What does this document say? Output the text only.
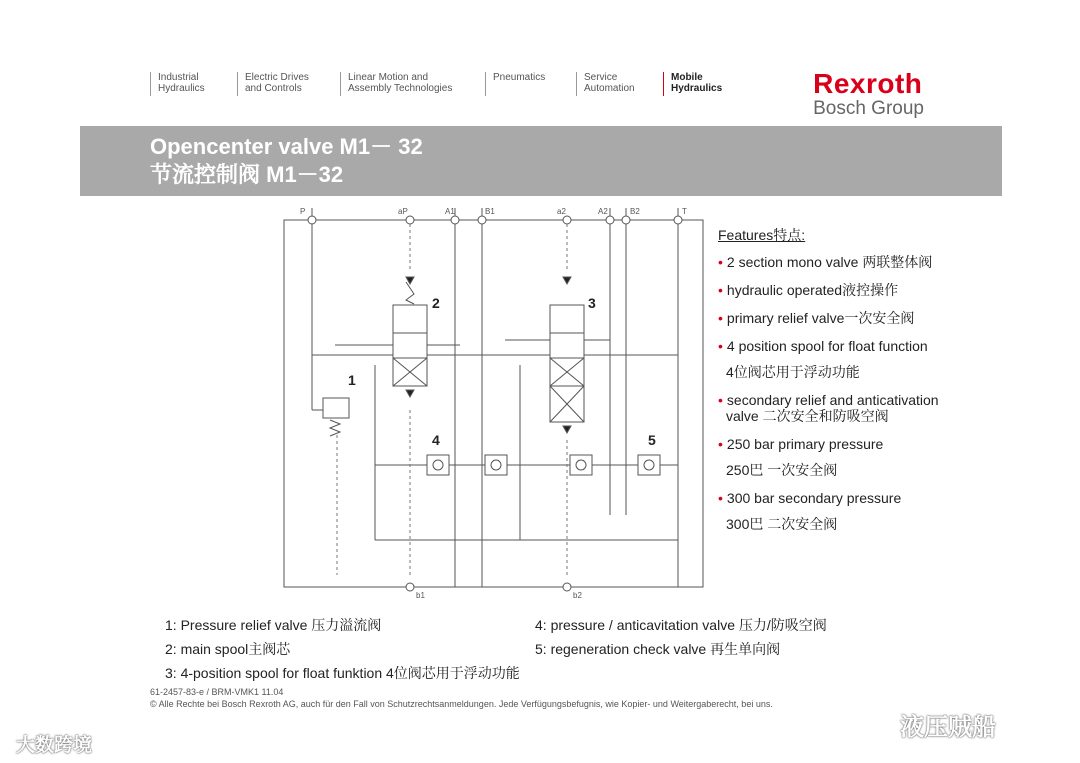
Industrial
Hydraulics
Electric Drives
and Controls
Linear Motion and
Assembly Technologies
Pneumatics	Service
Automation
Mobile
Hydraulics	Rexroth
Bosch Group
Opencenter valve M1－ 32
节流控制阀 M1－32
P	aP	A1	B1	a2	A2	B2	T
b1	b2
1
2	3
4	5
Features特点:
• 2 section mono valve 两联整体阀
• hydraulic operated液控操作
• primary relief valve一次安全阀
• 4 position spool for float function
4位阀芯用于浮动功能
• secondary relief and anticativation
valve 二次安全和防吸空阀
• 250 bar primary pressure
250巴 一次安全阀
• 300 bar secondary pressure
300巴 二次安全阀
1: Pressure relief valve 压力溢流阀
2: main spool主阀芯
3: 4-position spool for float funktion 4位阀芯用于浮动功能
4: pressure / anticavitation valve 压力/防吸空阀
5: regeneration check valve 再生单向阀
61-2457-83-e / BRM-VMK1 11.04
© Alle Rechte bei Bosch Rexroth AG, auch für den Fall von Schutzrechtsanmeldungen. Jede Verfügungsbefugnis, wie Kopier- und Weitergaberecht, bei uns.
大数跨境
液压贼船
